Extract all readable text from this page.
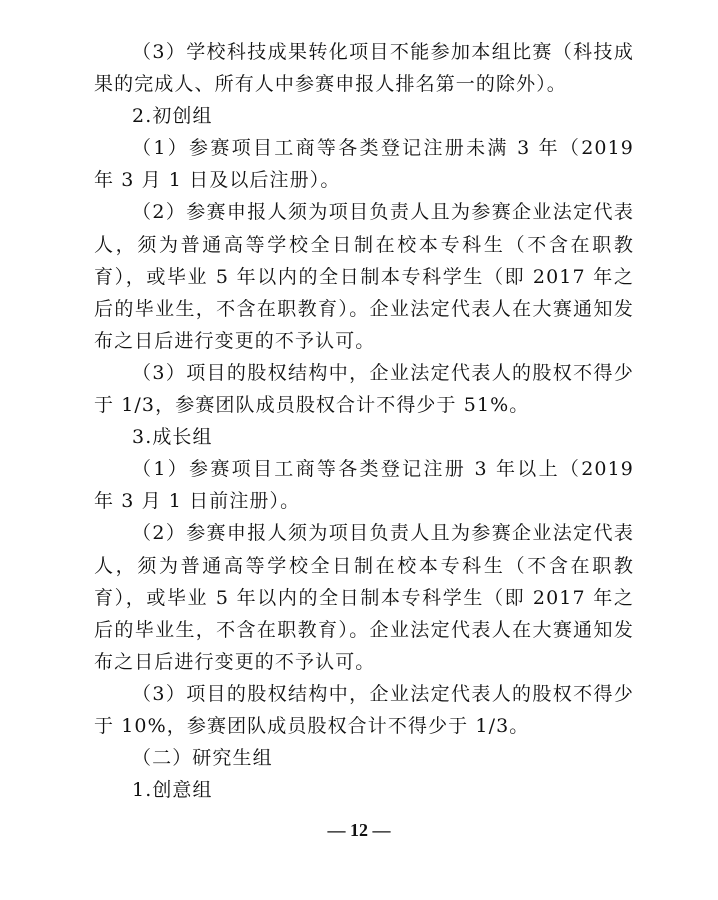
（3）学校科技成果转化项目不能参加本组比赛（科技成果的完成人、所有人中参赛申报人排名第一的除外）。

2.初创组

（1）参赛项目工商等各类登记注册未满 3 年（2019 年 3 月 1 日及以后注册）。

（2）参赛申报人须为项目负责人且为参赛企业法定代表人，须为普通高等学校全日制在校本专科生（不含在职教育），或毕业 5 年以内的全日制本专科学生（即 2017 年之后的毕业生，不含在职教育）。企业法定代表人在大赛通知发布之日后进行变更的不予认可。

（3）项目的股权结构中，企业法定代表人的股权不得少于 1/3，参赛团队成员股权合计不得少于 51%。

3.成长组

（1）参赛项目工商等各类登记注册 3 年以上（2019 年 3 月 1 日前注册）。

（2）参赛申报人须为项目负责人且为参赛企业法定代表人，须为普通高等学校全日制在校本专科生（不含在职教育），或毕业 5 年以内的全日制本专科学生（即 2017 年之后的毕业生，不含在职教育）。企业法定代表人在大赛通知发布之日后进行变更的不予认可。

（3）项目的股权结构中，企业法定代表人的股权不得少于 10%，参赛团队成员股权合计不得少于 1/3。

（二）研究生组

1.创意组

— 12 —
